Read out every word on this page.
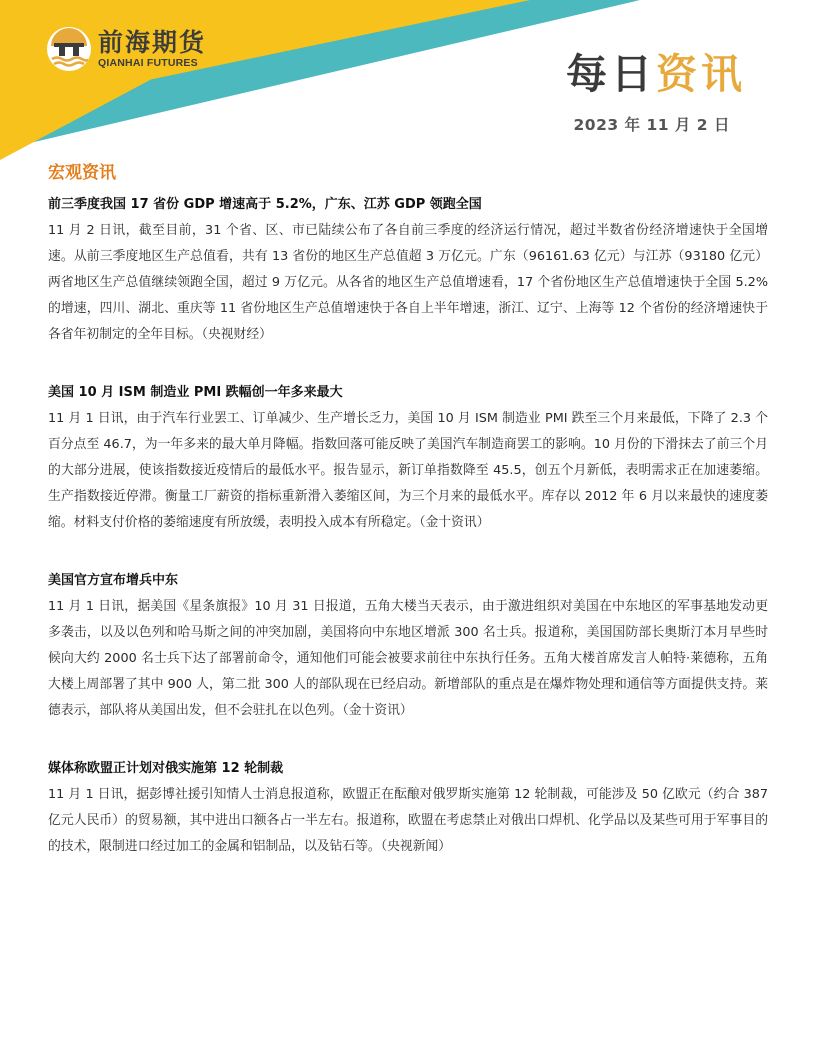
前海期货
QIANHAI FUTURES	每日资讯
2023 年 11 月 2 日
宏观资讯
前三季度我国 17 省份 GDP 增速高于 5.2%，广东、江苏 GDP 领跑全国
11 月 2 日讯，截至目前，31 个省、区、市已陆续公布了各自前三季度的经济运行情况，超过半数省份经济增速快于全国增速。从前三季度地区生产总值看，共有 13 省份的地区生产总值超 3 万亿元。广东（96161.63 亿元）与江苏（93180 亿元）两省地区生产总值继续领跑全国，超过 9 万亿元。从各省的地区生产总值增速看，17 个省份地区生产总值增速快于全国 5.2%的增速，四川、湖北、重庆等 11 省份地区生产总值增速快于各自上半年增速，浙江、辽宁、上海等 12 个省份的经济增速快于各省年初制定的全年目标。（央视财经）
美国 10 月 ISM 制造业 PMI 跌幅创一年多来最大
11 月 1 日讯，由于汽车行业罢工、订单减少、生产增长乏力，美国 10 月 ISM 制造业 PMI 跌至三个月来最低，下降了 2.3 个百分点至 46.7，为一年多来的最大单月降幅。指数回落可能反映了美国汽车制造商罢工的影响。10 月份的下滑抹去了前三个月的大部分进展，使该指数接近疫情后的最低水平。报告显示，新订单指数降至 45.5，创五个月新低，表明需求正在加速萎缩。生产指数接近停滞。衡量工厂薪资的指标重新滑入萎缩区间，为三个月来的最低水平。库存以 2012 年 6 月以来最快的速度萎缩。材料支付价格的萎缩速度有所放缓，表明投入成本有所稳定。（金十资讯）
美国官方宣布增兵中东
11 月 1 日讯，据美国《星条旗报》10 月 31 日报道，五角大楼当天表示，由于激进组织对美国在中东地区的军事基地发动更多袭击，以及以色列和哈马斯之间的冲突加剧，美国将向中东地区增派 300 名士兵。报道称，美国国防部长奥斯汀本月早些时候向大约 2000 名士兵下达了部署前命令，通知他们可能会被要求前往中东执行任务。五角大楼首席发言人帕特·莱德称，五角大楼上周部署了其中 900 人，第二批 300 人的部队现在已经启动。新增部队的重点是在爆炸物处理和通信等方面提供支持。莱德表示，部队将从美国出发，但不会驻扎在以色列。（金十资讯）
媒体称欧盟正计划对俄实施第 12 轮制裁
11 月 1 日讯，据彭博社援引知情人士消息报道称，欧盟正在酝酿对俄罗斯实施第 12 轮制裁，可能涉及 50 亿欧元（约合 387 亿元人民币）的贸易额，其中进出口额各占一半左右。报道称，欧盟在考虑禁止对俄出口焊机、化学品以及某些可用于军事目的的技术，限制进口经过加工的金属和铝制品，以及钻石等。（央视新闻）
